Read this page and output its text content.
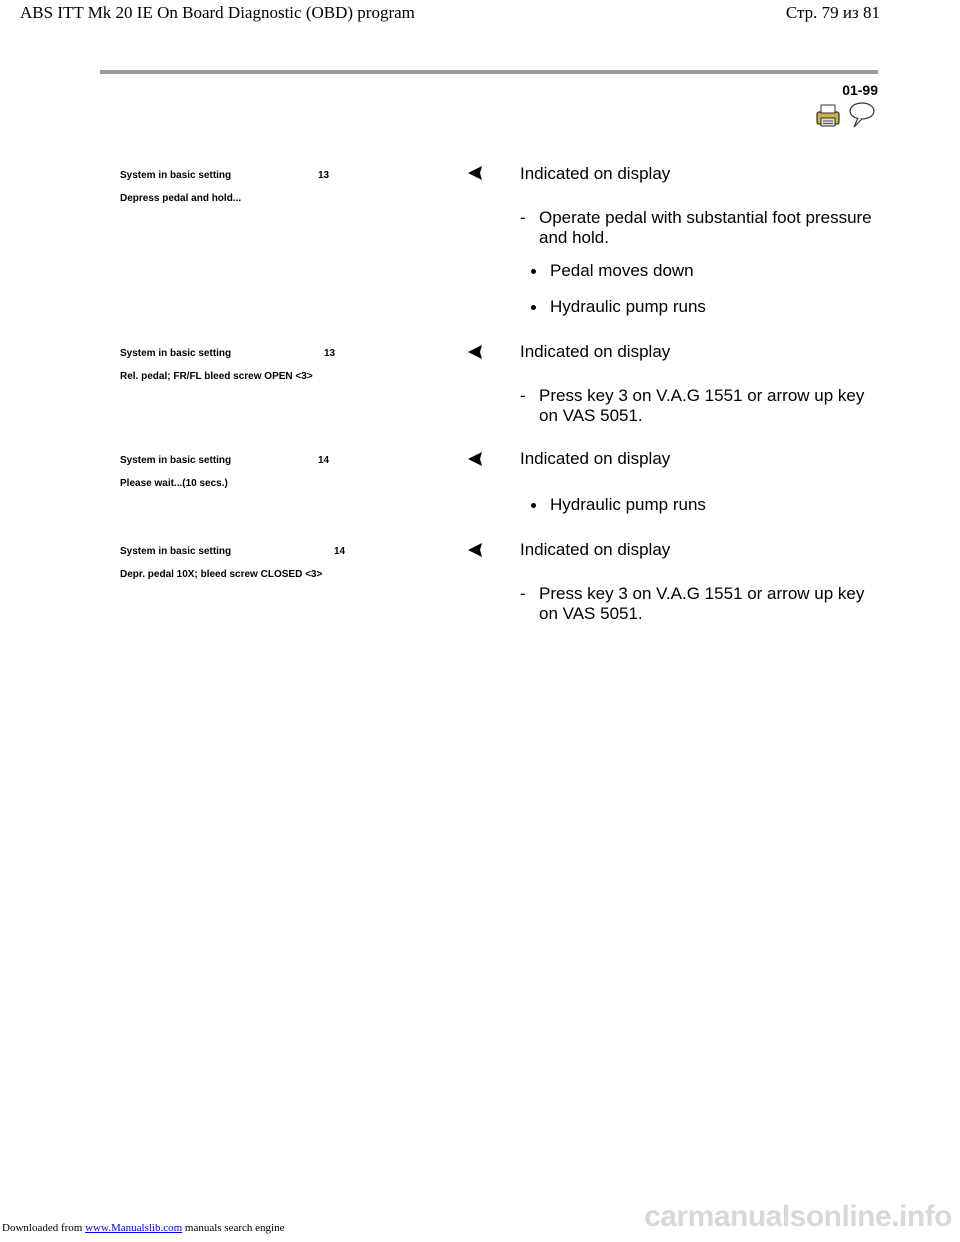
ABS ITT Mk 20 IE On Board Diagnostic (OBD) program	Стр. 79 из 81
01-99
System in basic setting	13
Depress pedal and hold...
Indicated on display
- Operate pedal with substantial foot pressure and hold.
Pedal moves down
Hydraulic pump runs
System in basic setting	13
Rel. pedal; FR/FL bleed screw OPEN <3>
Indicated on display
- Press key 3 on V.A.G 1551 or arrow up key on VAS 5051.
System in basic setting	14
Please wait...(10 secs.)
Indicated on display
Hydraulic pump runs
System in basic setting	14
Depr. pedal 10X; bleed screw CLOSED <3>
Indicated on display
- Press key 3 on V.A.G 1551 or arrow up key on VAS 5051.
Downloaded from www.Manualslib.com manuals search engine	carmanualsonline.info
